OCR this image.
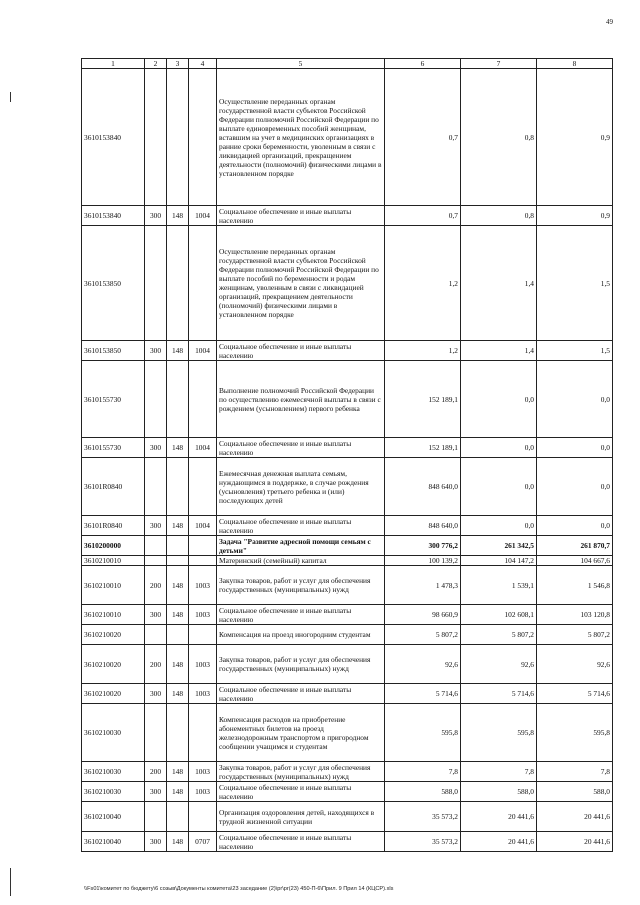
49
1	2	3	4	5	6	7	8
3610153840				Осуществление переданных органам государственной власти субъектов Российской Федерации полномочий Российской Федерации по выплате единовременных пособий женщинам, вставшим на учет в медицинских организациях в ранние сроки беременности, уволенным в связи с ликвидацией организаций, прекращением деятельности (полномочий) физическими лицами в установленном порядке	0,7	0,8	0,9
3610153840	300	148	1004	Социальное обеспечение и иные выплаты населению	0,7	0,8	0,9
3610153850				Осуществление переданных органам государственной власти субъектов Российской Федерации полномочий Российской Федерации по выплате пособий по беременности и родам женщинам, уволенным в связи с ликвидацией организаций, прекращением деятельности (полномочий) физическими лицами в установленном порядке	1,2	1,4	1,5
3610153850	300	148	1004	Социальное обеспечение и иные выплаты населению	1,2	1,4	1,5
3610155730				Выполнение полномочий Российской Федерации по осуществлению ежемесячной выплаты в связи с рождением (усыновлением) первого ребенка	152 189,1	0,0	0,0
3610155730	300	148	1004	Социальное обеспечение и иные выплаты населению	152 189,1	0,0	0,0
36101R0840				Ежемесячная денежная выплата семьям, нуждающимся в поддержке, в случае рождения (усыновления) третьего ребенка и (или) последующих детей	848 640,0	0,0	0,0
36101R0840	300	148	1004	Социальное обеспечение и иные выплаты населению	848 640,0	0,0	0,0
3610200000				Задача "Развитие адресной помощи семьям с детьми"	300 776,2	261 342,5	261 870,7
3610210010				Материнский (семейный) капитал	100 139,2	104 147,2	104 667,6
3610210010	200	148	1003	Закупка товаров, работ и услуг для обеспечения государственных (муниципальных) нужд	1 478,3	1 539,1	1 546,8
3610210010	300	148	1003	Социальное обеспечение и иные выплаты населению	98 660,9	102 608,1	103 120,8
3610210020				Компенсация на проезд иногородним студентам	5 807,2	5 807,2	5 807,2
3610210020	200	148	1003	Закупка товаров, работ и услуг для обеспечения государственных (муниципальных) нужд	92,6	92,6	92,6
3610210020	300	148	1003	Социальное обеспечение и иные выплаты населению	5 714,6	5 714,6	5 714,6
3610210030				Компенсация расходов на приобретение абонементных билетов на проезд железнодорожным транспортом в пригородном сообщении учащимся и студентам	595,8	595,8	595,8
3610210030	200	148	1003	Закупка товаров, работ и услуг для обеспечения государственных (муниципальных) нужд	7,8	7,8	7,8
3610210030	300	148	1003	Социальное обеспечение и иные выплаты населению	588,0	588,0	588,0
3610210040				Организация оздоровления детей, находящихся в трудной жизненной ситуации	35 573,2	20 441,6	20 441,6
3610210040	300	148	0707	Социальное обеспечение и иные выплаты населению	35 573,2	20 441,6	20 441,6
\\Fs01\комитет по бюджету\6 созыв\Документы комитета\23 заседание (2)\pr\pr(23) 450-П-6\Прил. 9 Прил 14 (КЦСР).xls
